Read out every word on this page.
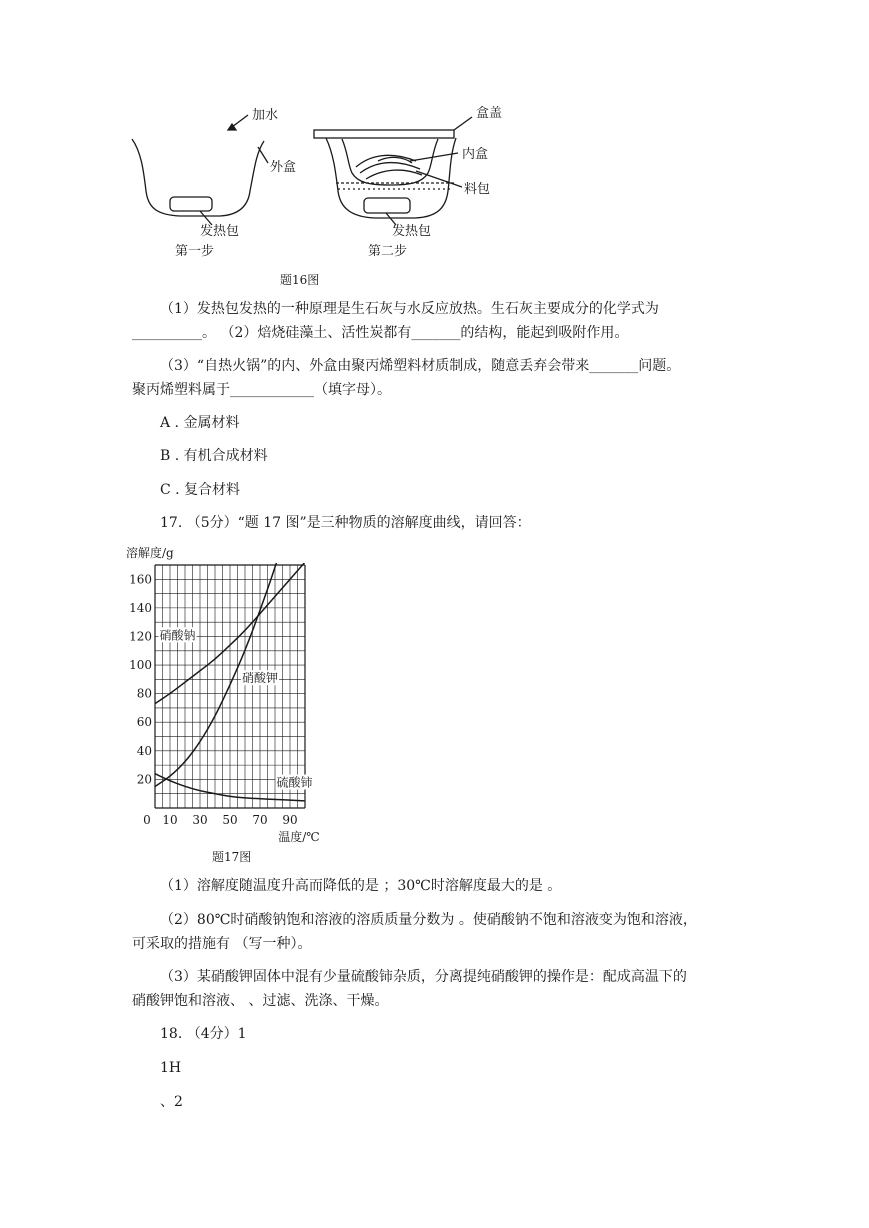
加水
外盒
发热包
第一步
盒盖
内盒
料包
发热包
第二步
题16图
（1）发热包发热的一种原理是生石灰与水反应放热。生石灰主要成分的化学式为
__________。 （2）焙烧硅藻土、活性炭都有_______的结构，能起到吸附作用。
（3）“自热火锅”的内、外盒由聚丙烯塑料材质制成，随意丢弃会带来_______问题。
聚丙烯塑料属于____________（填字母）。
A . 金属材料
B . 有机合成材料
C . 复合材料
17. （5分）“题 17 图”是三种物质的溶解度曲线，请回答：
硝酸钠
硝酸钾
硫酸铈
20
40
60
80
100
120
140
160
0 10 30 50 70 90
溶解度/g
温度/℃
题17图
（1）溶解度随温度升高而降低的是 ；30℃时溶解度最大的是 。
（2）80℃时硝酸钠饱和溶液的溶质质量分数为 。使硝酸钠不饱和溶液变为饱和溶液，
可采取的措施有 （写一种）。
（3）某硝酸钾固体中混有少量硫酸铈杂质，分离提纯硝酸钾的操作是：配成高温下的
硝酸钾饱和溶液、 、过滤、洗涤、干燥。
18. （4分）1
1H
、2
